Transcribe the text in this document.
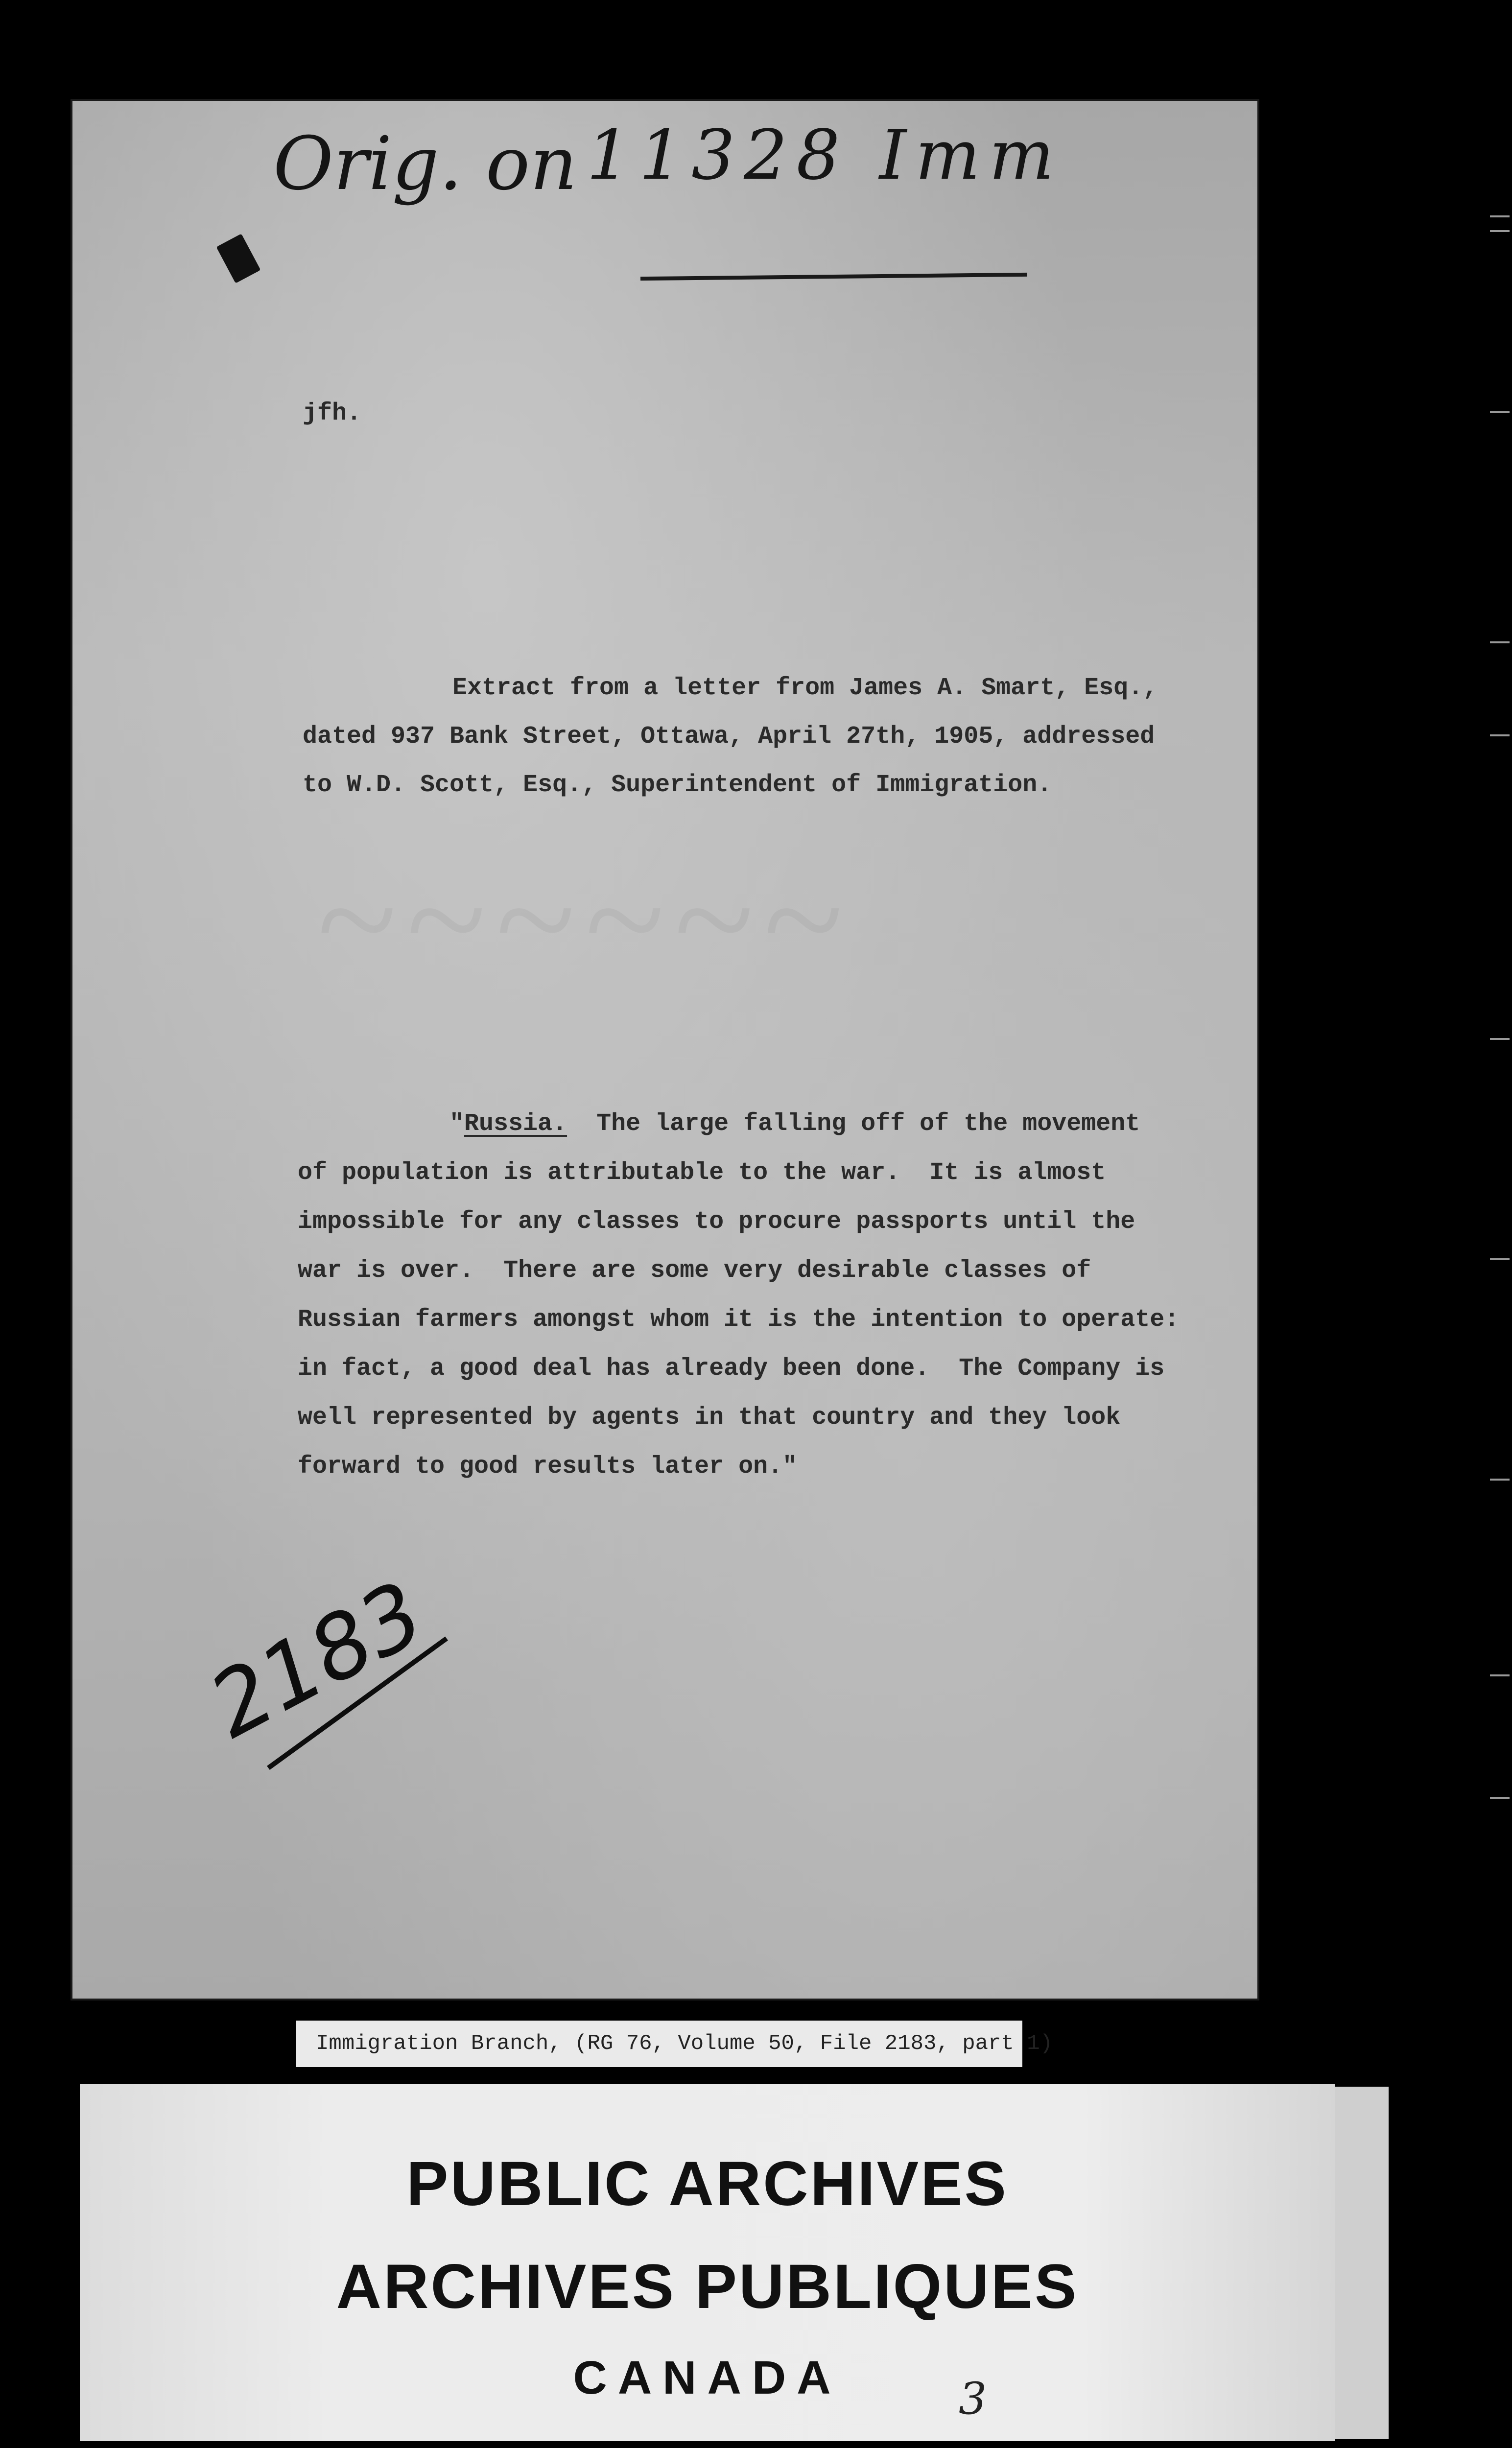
~~~~~~
Orig. on 11328 Imm
jfh.
Extract from a letter from James A. Smart, Esq.,
dated 937 Bank Street, Ottawa, April 27th, 1905, addressed
to W.D. Scott, Esq., Superintendent of Immigration.
"Russia.  The large falling off of the movement
of population is attributable to the war.  It is almost
impossible for any classes to procure passports until the
war is over.  There are some very desirable classes of
Russian farmers amongst whom it is the intention to operate:
in fact, a good deal has already been done.  The Company is
well represented by agents in that country and they look
forward to good results later on."
2183
Immigration Branch, (RG 76, Volume 50, File 2183, part 1)
PUBLIC ARCHIVES
ARCHIVES PUBLIQUES
CANADA	3
